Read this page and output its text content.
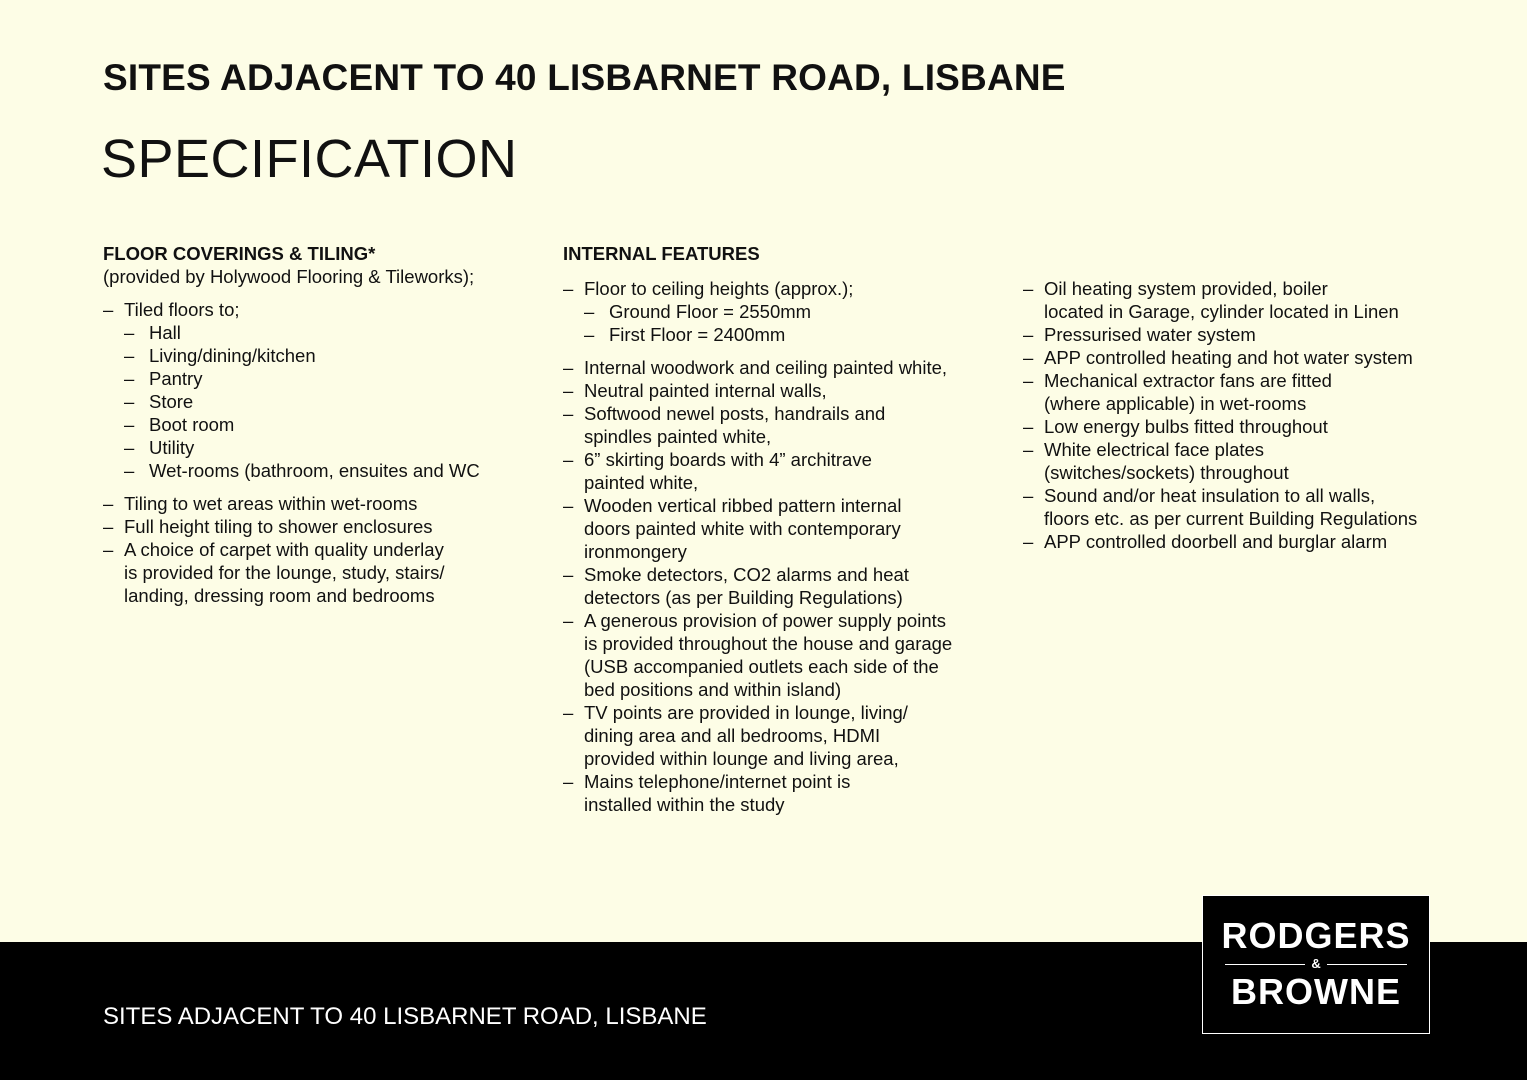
SITES ADJACENT TO 40 LISBARNET ROAD, LISBANE
SPECIFICATION

FLOOR COVERINGS & TILING*

(provided by Holywood Flooring & Tileworks);

– Tiled floors to;
– Hall
– Living/dining/kitchen
– Pantry
– Store
– Boot room
– Utility
– Wet-rooms (bathroom, ensuites and WC
– Tiling to wet areas within wet-rooms
– Full height tiling to shower enclosures
– A choice of carpet with quality underlay
is provided for the lounge, study, stairs/
landing, dressing room and bedrooms

INTERNAL FEATURES

– Floor to ceiling heights (approx.);
– Ground Floor = 2550mm
– First Floor = 2400mm
– Internal woodwork and ceiling painted white,
– Neutral painted internal walls,
– Softwood newel posts, handrails and
spindles painted white,
– 6” skirting boards with 4” architrave
painted white,
– Wooden vertical ribbed pattern internal
doors painted white with contemporary
ironmongery
– Smoke detectors, CO2 alarms and heat
detectors (as per Building Regulations)
– A generous provision of power supply points
is provided throughout the house and garage
(USB accompanied outlets each side of the
bed positions and within island)
– TV points are provided in lounge, living/
dining area and all bedrooms, HDMI
provided within lounge and living area,
– Mains telephone/internet point is
installed within the study
– Oil heating system provided, boiler
located in Garage, cylinder located in Linen
– Pressurised water system
– APP controlled heating and hot water system
– Mechanical extractor fans are fitted
(where applicable) in wet-rooms
– Low energy bulbs fitted throughout
– White electrical face plates
(switches/sockets) throughout
– Sound and/or heat insulation to all walls,
floors etc. as per current Building Regulations
– APP controlled doorbell and burglar alarm
SITES ADJACENT TO 40 LISBARNET ROAD, LISBANE
RODGERS
&
BROWNE
